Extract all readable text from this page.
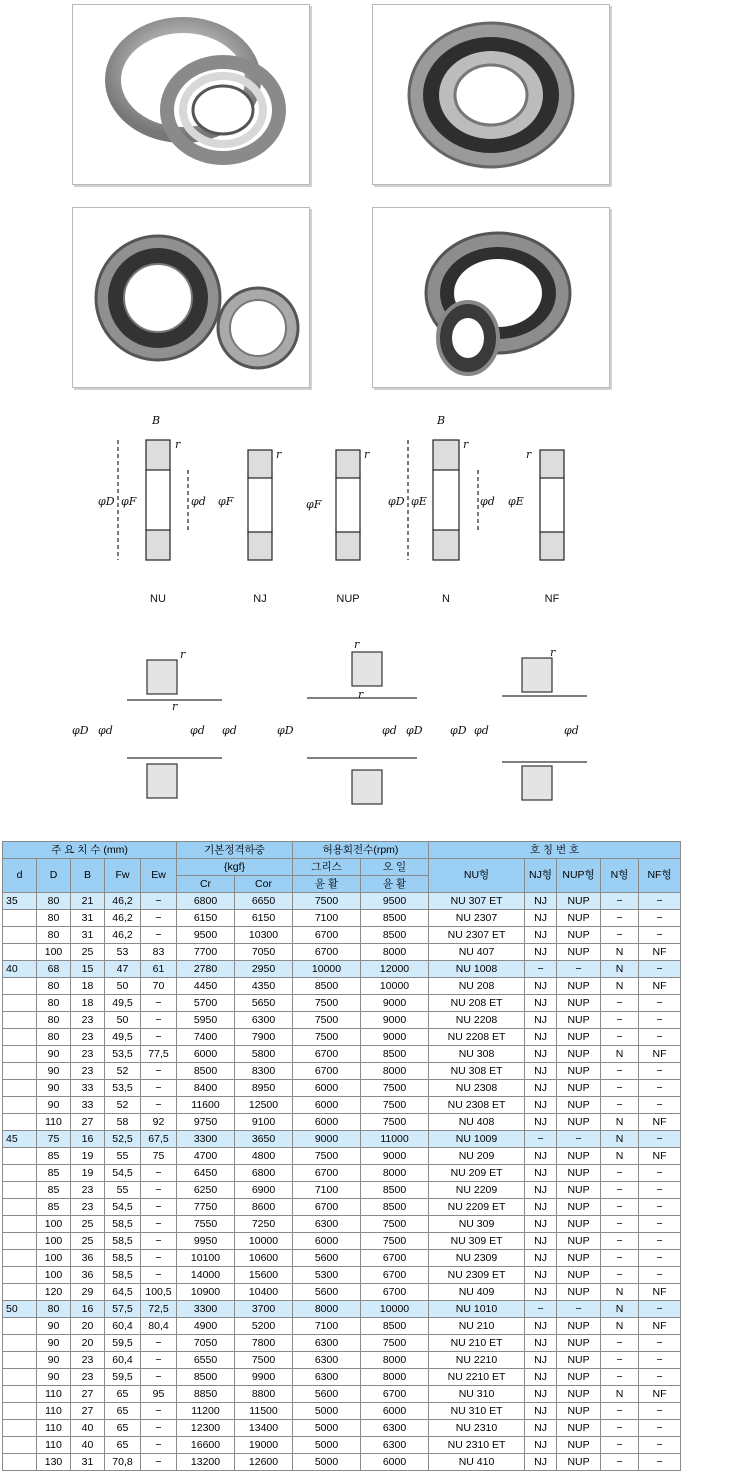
B	B
φD φF	φd φF	φF	φD φE	φd φE
r
r	r
r
r
NU	NJ	NUP	N	NF
φD φd	φd φd	φD	φd φD φD φd	φd
r
r
r
r
r
주 요 치 수 (mm)					기본정격하중		허용회전수(rpm)		호 칭 번 호				
d	D	B	Fw	Ew	{kgf}		그리스	오 일	NU형	NJ형	NUP형	N형	NF형
					Cr	Cor	윤 활	윤 활					

35	80	21	46,2	−	6800	6650	7500	9500	NU 307 ET	NJ	NUP	−	−
	80	31	46,2	−	6150	6150	7100	8500	NU 2307	NJ	NUP	−	−
	80	31	46,2	−	9500	10300	6700	8500	NU 2307 ET	NJ	NUP	−	−
	100	25	53	83	7700	7050	6700	8000	NU 407	NJ	NUP	N	NF
40	68	15	47	61	2780	2950	10000	12000	NU 1008	−	−	N	−
	80	18	50	70	4450	4350	8500	10000	NU 208	NJ	NUP	N	NF
	80	18	49,5	−	5700	5650	7500	9000	NU 208 ET	NJ	NUP	−	−
	80	23	50	−	5950	6300	7500	9000	NU 2208	NJ	NUP	−	−
	80	23	49,5	−	7400	7900	7500	9000	NU 2208 ET	NJ	NUP	−	−
	90	23	53,5	77,5	6000	5800	6700	8500	NU 308	NJ	NUP	N	NF
	90	23	52	−	8500	8300	6700	8000	NU 308 ET	NJ	NUP	−	−
	90	33	53,5	−	8400	8950	6000	7500	NU 2308	NJ	NUP	−	−
	90	33	52	−	11600	12500	6000	7500	NU 2308 ET	NJ	NUP	−	−
	110	27	58	92	9750	9100	6000	7500	NU 408	NJ	NUP	N	NF
45	75	16	52,5	67,5	3300	3650	9000	11000	NU 1009	−	−	N	−
	85	19	55	75	4700	4800	7500	9000	NU 209	NJ	NUP	N	NF
	85	19	54,5	−	6450	6800	6700	8000	NU 209 ET	NJ	NUP	−	−
	85	23	55	−	6250	6900	7100	8500	NU 2209	NJ	NUP	−	−
	85	23	54,5	−	7750	8600	6700	8500	NU 2209 ET	NJ	NUP	−	−
	100	25	58,5	−	7550	7250	6300	7500	NU 309	NJ	NUP	−	−
	100	25	58,5	−	9950	10000	6000	7500	NU 309 ET	NJ	NUP	−	−
	100	36	58,5	−	10100	10600	5600	6700	NU 2309	NJ	NUP	−	−
	100	36	58,5	−	14000	15600	5300	6700	NU 2309 ET	NJ	NUP	−	−
	120	29	64,5	100,5	10900	10400	5600	6700	NU 409	NJ	NUP	N	NF
50	80	16	57,5	72,5	3300	3700	8000	10000	NU 1010	−	−	N	−
	90	20	60,4	80,4	4900	5200	7100	8500	NU 210	NJ	NUP	N	NF
	90	20	59,5	−	7050	7800	6300	7500	NU 210 ET	NJ	NUP	−	−
	90	23	60,4	−	6550	7500	6300	8000	NU 2210	NJ	NUP	−	−
	90	23	59,5	−	8500	9900	6300	8000	NU 2210 ET	NJ	NUP	−	−
	110	27	65	95	8850	8800	5600	6700	NU 310	NJ	NUP	N	NF
	110	27	65	−	11200	11500	5000	6000	NU 310 ET	NJ	NUP	−	−
	110	40	65	−	12300	13400	5000	6300	NU 2310	NJ	NUP	−	−
	110	40	65	−	16600	19000	5000	6300	NU 2310 ET	NJ	NUP	−	−
	130	31	70,8	−	13200	12600	5000	6000	NU 410	NJ	NUP	−	−
